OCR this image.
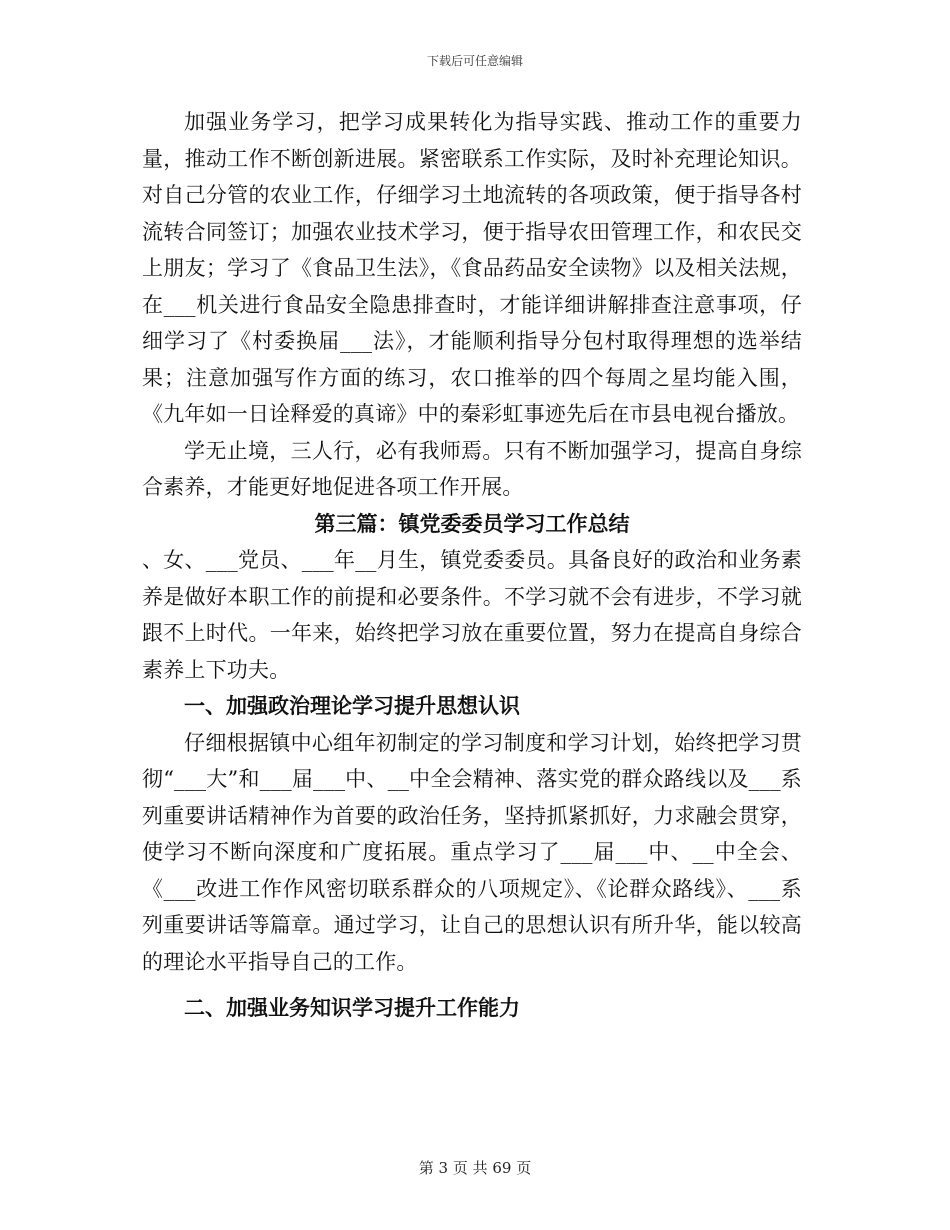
下载后可任意编辑

加强业务学习，把学习成果转化为指导实践、推动工作的重要力量，推动工作不断创新进展。紧密联系工作实际，及时补充理论知识。对自己分管的农业工作，仔细学习土地流转的各项政策，便于指导各村流转合同签订；加强农业技术学习，便于指导农田管理工作，和农民交上朋友；学习了《食品卫生法》，《食品药品安全读物》以及相关法规，在___机关进行食品安全隐患排查时，才能详细讲解排查注意事项，仔细学习了《村委换届___法》，才能顺利指导分包村取得理想的选举结果；注意加强写作方面的练习，农口推举的四个每周之星均能入围，《九年如一日诠释爱的真谛》中的秦彩虹事迹先后在市县电视台播放。

学无止境，三人行，必有我师焉。只有不断加强学习，提高自身综合素养，才能更好地促进各项工作开展。

第三篇：镇党委委员学习工作总结

、女、___党员、___年__月生，镇党委委员。具备良好的政治和业务素养是做好本职工作的前提和必要条件。不学习就不会有进步，不学习就跟不上时代。一年来，始终把学习放在重要位置，努力在提高自身综合素养上下功夫。

一、加强政治理论学习提升思想认识

仔细根据镇中心组年初制定的学习制度和学习计划，始终把学习贯彻“___大”和___届___中、__中全会精神、落实党的群众路线以及___系列重要讲话精神作为首要的政治任务，坚持抓紧抓好，力求融会贯穿，使学习不断向深度和广度拓展。重点学习了___届___中、__中全会、《___改进工作作风密切联系群众的八项规定》、《论群众路线》、___系列重要讲话等篇章。通过学习，让自己的思想认识有所升华，能以较高的理论水平指导自己的工作。

二、加强业务知识学习提升工作能力

第 3 页 共 69 页
